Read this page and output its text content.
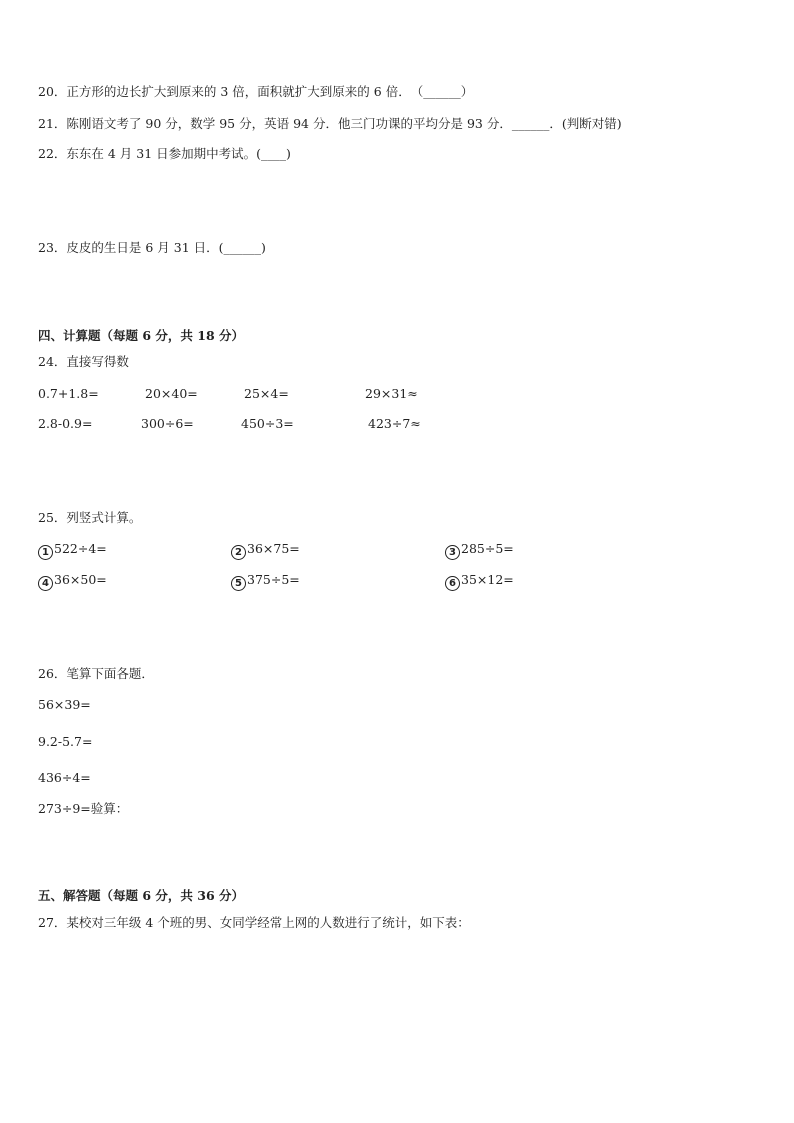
20．正方形的边长扩大到原来的 3 倍，面积就扩大到原来的 6 倍．　（______）
21．陈刚语文考了 90 分，数学 95 分，英语 94 分．他三门功课的平均分是 93 分．______．(判断对错)
22．东东在 4 月 31 日参加期中考试。(____)
23．皮皮的生日是 6 月 31 日．(______)
四、计算题（每题 6 分，共 18 分）
24．直接写得数
0.7+1.8=	20×40=	25×4=	29×31≈
2.8-0.9=	300÷6=	450÷3=	423÷7≈
25．列竖式计算。
1 522÷4=	2 36×75=	3 285÷5=
4 36×50=	5 375÷5=	6 35×12=
26．笔算下面各题．
56×39=
9.2-5.7=
436÷4=
273÷9=验算：
五、解答题（每题 6 分，共 36 分）
27．某校对三年级 4 个班的男、女同学经常上网的人数进行了统计，如下表：
